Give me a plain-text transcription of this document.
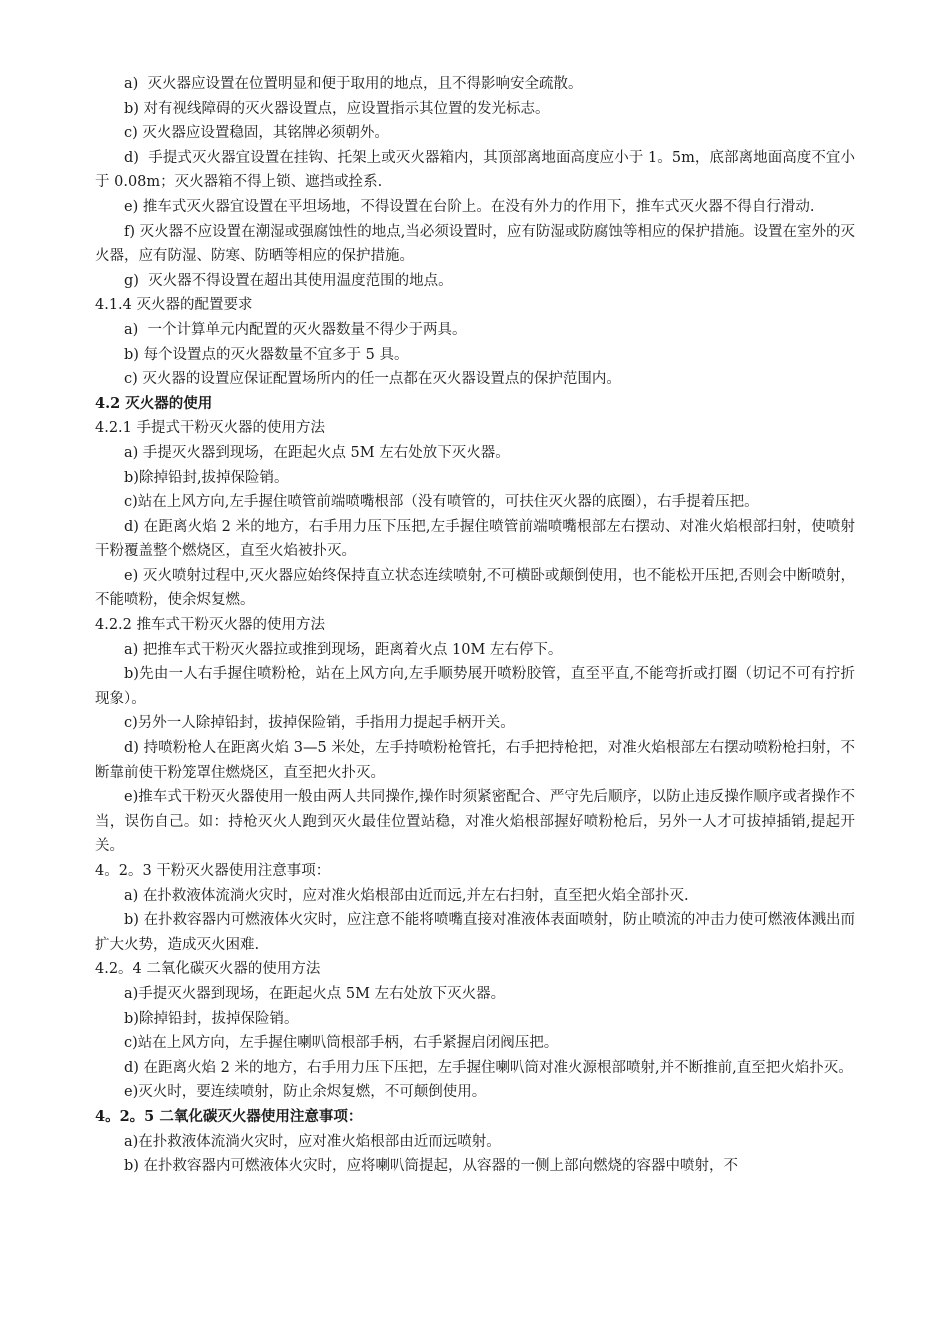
a)  灭火器应设置在位置明显和便于取用的地点，且不得影响安全疏散。

b) 对有视线障碍的灭火器设置点，应设置指示其位置的发光标志。

c) 灭火器应设置稳固，其铭牌必须朝外。

d)  手提式灭火器宜设置在挂钩、托架上或灭火器箱内，其顶部离地面高度应小于 1。5m，底部离地面高度不宜小于 0.08m；灭火器箱不得上锁、遮挡或拴系.

e) 推车式灭火器宜设置在平坦场地，不得设置在台阶上。在没有外力的作用下，推车式灭火器不得自行滑动.

f) 灭火器不应设置在潮湿或强腐蚀性的地点,当必须设置时，应有防湿或防腐蚀等相应的保护措施。设置在室外的灭火器，应有防湿、防寒、防晒等相应的保护措施。

g)  灭火器不得设置在超出其使用温度范围的地点。

4.1.4 灭火器的配置要求

a)  一个计算单元内配置的灭火器数量不得少于两具。

b) 每个设置点的灭火器数量不宜多于 5 具。

c) 灭火器的设置应保证配置场所内的任一点都在灭火器设置点的保护范围内。

4.2 灭火器的使用

4.2.1 手提式干粉灭火器的使用方法

a) 手提灭火器到现场，在距起火点 5M 左右处放下灭火器。

b)除掉铅封,拔掉保险销。

c)站在上风方向,左手握住喷管前端喷嘴根部（没有喷管的，可扶住灭火器的底圈），右手提着压把。

d) 在距离火焰 2 米的地方，右手用力压下压把,左手握住喷管前端喷嘴根部左右摆动、对准火焰根部扫射，使喷射干粉覆盖整个燃烧区，直至火焰被扑灭。

e) 灭火喷射过程中,灭火器应始终保持直立状态连续喷射,不可横卧或颠倒使用，也不能松开压把,否则会中断喷射，不能喷粉，使余烬复燃。

4.2.2 推车式干粉灭火器的使用方法

a) 把推车式干粉灭火器拉或推到现场，距离着火点 10M 左右停下。

b)先由一人右手握住喷粉枪，站在上风方向,左手顺势展开喷粉胶管，直至平直,不能弯折或打圈（切记不可有拧折现象）。

c)另外一人除掉铅封，拔掉保险销，手指用力提起手柄开关。

d) 持喷粉枪人在距离火焰 3—5 米处，左手持喷粉枪管托，右手把持枪把，对准火焰根部左右摆动喷粉枪扫射，不断靠前使干粉笼罩住燃烧区，直至把火扑灭。

e)推车式干粉灭火器使用一般由两人共同操作,操作时须紧密配合、严守先后顺序，以防止违反操作顺序或者操作不当，误伤自己。如：持枪灭火人跑到灭火最佳位置站稳，对准火焰根部握好喷粉枪后，另外一人才可拔掉插销,提起开关。

4。2。3 干粉灭火器使用注意事项：

a) 在扑救液体流淌火灾时，应对准火焰根部由近而远,并左右扫射，直至把火焰全部扑灭.

b) 在扑救容器内可燃液体火灾时，应注意不能将喷嘴直接对准液体表面喷射，防止喷流的冲击力使可燃液体溅出而扩大火势，造成灭火困难.

4.2。4 二氧化碳灭火器的使用方法

a)手提灭火器到现场，在距起火点 5M 左右处放下灭火器。

b)除掉铅封，拔掉保险销。

c)站在上风方向，左手握住喇叭筒根部手柄，右手紧握启闭阀压把。

d) 在距离火焰 2 米的地方，右手用力压下压把，左手握住喇叭筒对准火源根部喷射,并不断推前,直至把火焰扑灭。

e)灭火时，要连续喷射，防止余烬复燃，不可颠倒使用。

4。2。5 二氧化碳灭火器使用注意事项：

a)在扑救液体流淌火灾时，应对准火焰根部由近而远喷射。

b) 在扑救容器内可燃液体火灾时，应将喇叭筒提起，从容器的一侧上部向燃烧的容器中喷射，不
